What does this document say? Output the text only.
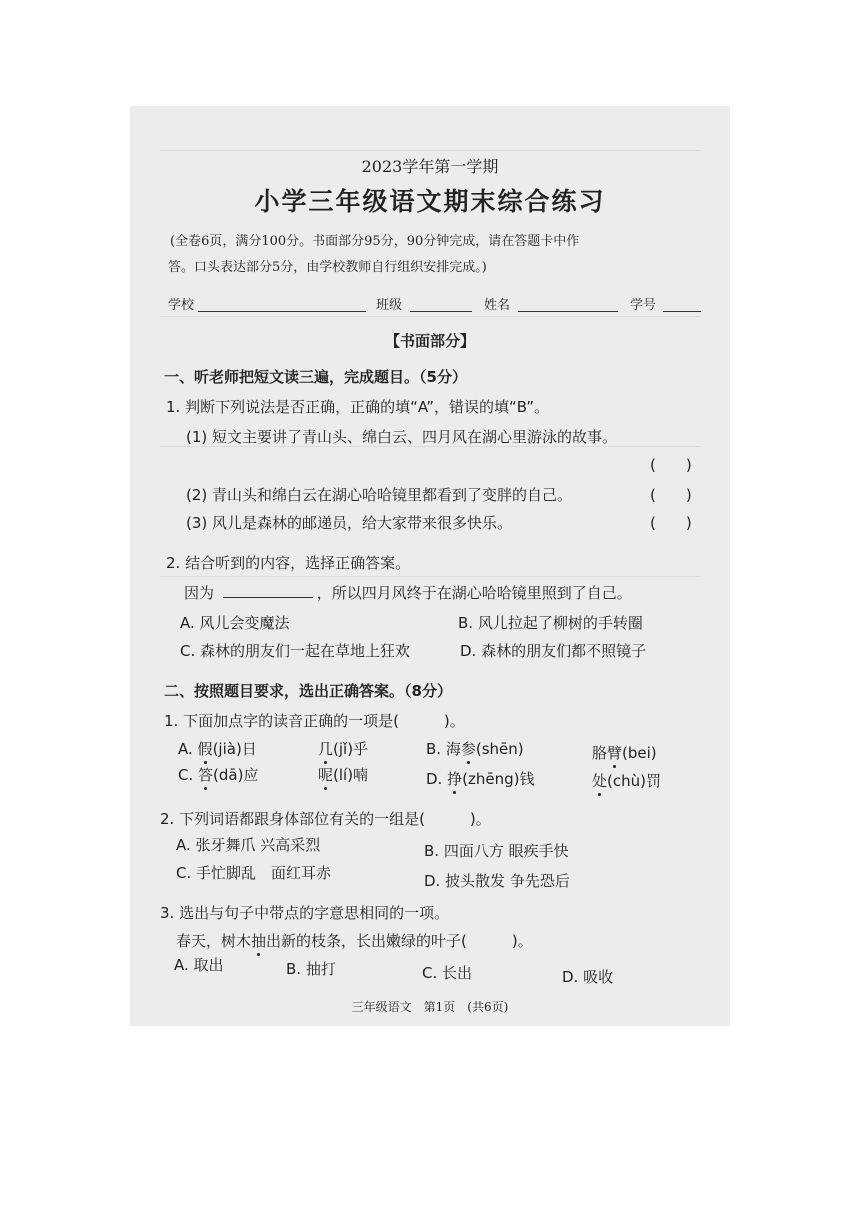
2023学年第一学期
小学三年级语文期末综合练习
(全卷6页，满分100分。书面部分95分，90分钟完成，请在答题卡中作
答。口头表达部分5分，由学校教师自行组织安排完成。)
学校	班级	姓名	学号
【书面部分】
一、听老师把短文读三遍，完成题目。（5分）
1. 判断下列说法是否正确，正确的填“A”，错误的填“B”。
(1) 短文主要讲了青山头、绵白云、四月风在湖心里游泳的故事。
(　　)
(2) 青山头和绵白云在湖心哈哈镜里都看到了变胖的自己。	(　　)
(3) 风儿是森林的邮递员，给大家带来很多快乐。	(　　)
2. 结合听到的内容，选择正确答案。
因为	，所以四月风终于在湖心哈哈镜里照到了自己。
A. 风儿会变魔法	B. 风儿拉起了柳树的手转圈
C. 森林的朋友们一起在草地上狂欢	D. 森林的朋友们都不照镜子
二、按照题目要求，选出正确答案。（8分）
1. 下面加点字的读音正确的一项是(　　　)。
A. 假(jià)日	几(jǐ)乎	B. 海参(shēn)	胳臂(bei)
C. 答(dā)应	呢(lí)喃	D. 挣(zhēng)钱	处(chù)罚
2. 下列词语都跟身体部位有关的一组是(　　　)。
A. 张牙舞爪 兴高采烈	B. 四面八方 眼疾手快
C. 手忙脚乱　面红耳赤	D. 披头散发 争先恐后
3. 选出与句子中带点的字意思相同的一项。
春天，树木抽出新的枝条，长出嫩绿的叶子(　　　)。
A. 取出	B. 抽打	C. 长出	D. 吸收
三年级语文　第1页　(共6页)
